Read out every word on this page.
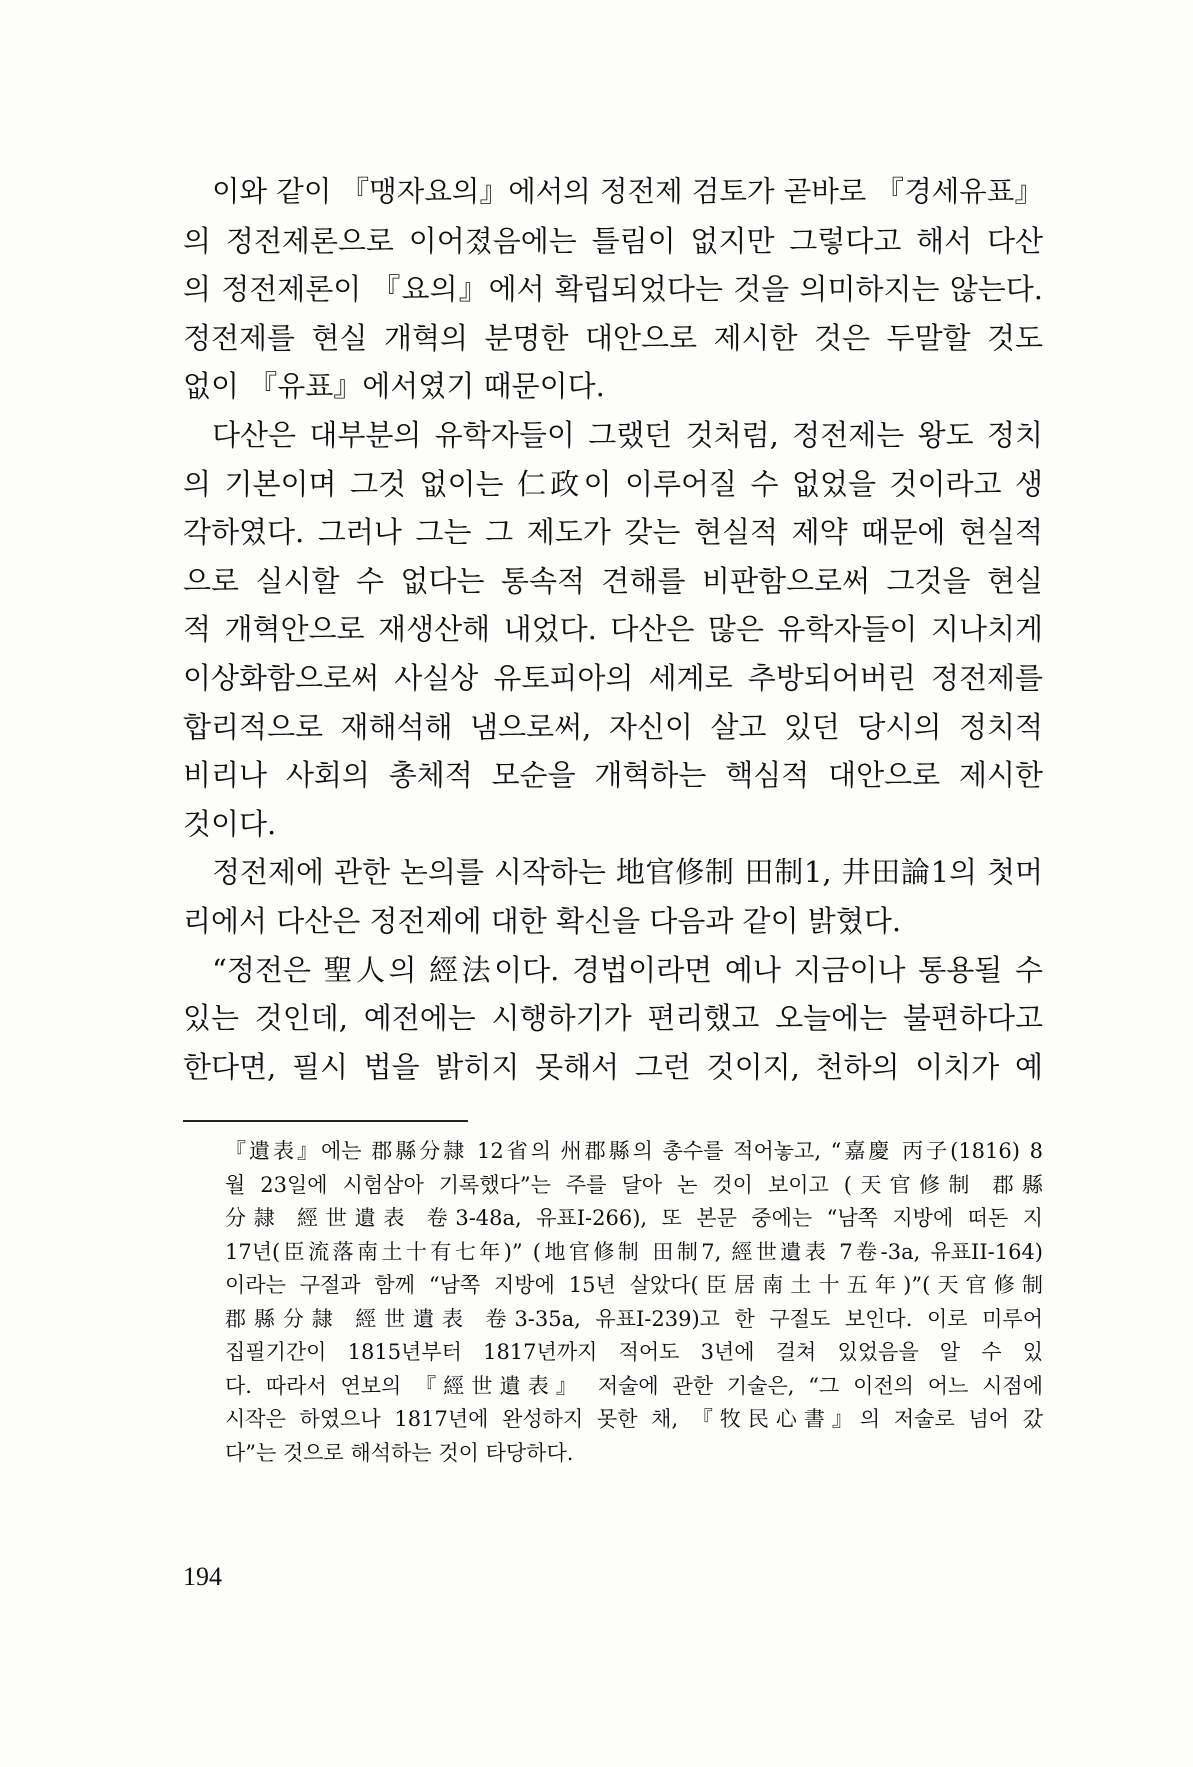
이와 같이 『맹자요의』에서의 정전제 검토가 곧바로 『경세유표』
의 정전제론으로 이어졌음에는 틀림이 없지만 그렇다고 해서 다산
의 정전제론이 『요의』에서 확립되었다는 것을 의미하지는 않는다.
정전제를 현실 개혁의 분명한 대안으로 제시한 것은 두말할 것도
없이 『유표』에서였기 때문이다.
다산은 대부분의 유학자들이 그랬던 것처럼, 정전제는 왕도 정치
의 기본이며 그것 없이는 仁政이 이루어질 수 없었을 것이라고 생
각하였다. 그러나 그는 그 제도가 갖는 현실적 제약 때문에 현실적
으로 실시할 수 없다는 통속적 견해를 비판함으로써 그것을 현실
적 개혁안으로 재생산해 내었다. 다산은 많은 유학자들이 지나치게
이상화함으로써 사실상 유토피아의 세계로 추방되어버린 정전제를
합리적으로 재해석해 냄으로써, 자신이 살고 있던 당시의 정치적
비리나 사회의 총체적 모순을 개혁하는 핵심적 대안으로 제시한
것이다.
정전제에 관한 논의를 시작하는 地官修制 田制1, 井田論1의 첫머
리에서 다산은 정전제에 대한 확신을 다음과 같이 밝혔다.
“정전은 聖人의 經法이다. 경법이라면 예나 지금이나 통용될 수
있는 것인데, 예전에는 시행하기가 편리했고 오늘에는 불편하다고
한다면, 필시 법을 밝히지 못해서 그런 것이지, 천하의 이치가 예
『遺表』에는 郡縣分隷 12省의 州郡縣의 총수를 적어놓고, “嘉慶 丙子(1816) 8
월 23일에 시험삼아 기록했다”는 주를 달아 논 것이 보이고 (天官修制 郡縣
分隷 經世遺表 卷3-48a, 유표I-266), 또 본문 중에는 “남쪽 지방에 떠돈 지
17년(臣流落南土十有七年)” (地官修制 田制7, 經世遺表 7卷-3a, 유표II-164)
이라는 구절과 함께 “남쪽 지방에 15년 살았다(臣居南土十五年)”(天官修制
郡縣分隷 經世遺表 卷3-35a, 유표I-239)고 한 구절도 보인다. 이로 미루어
집필기간이 1815년부터 1817년까지 적어도 3년에 걸쳐 있었음을 알 수 있
다. 따라서 연보의 『經世遺表』 저술에 관한 기술은, “그 이전의 어느 시점에
시작은 하였으나 1817년에 완성하지 못한 채, 『牧民心書』의 저술로 넘어 갔
다”는 것으로 해석하는 것이 타당하다.
194
